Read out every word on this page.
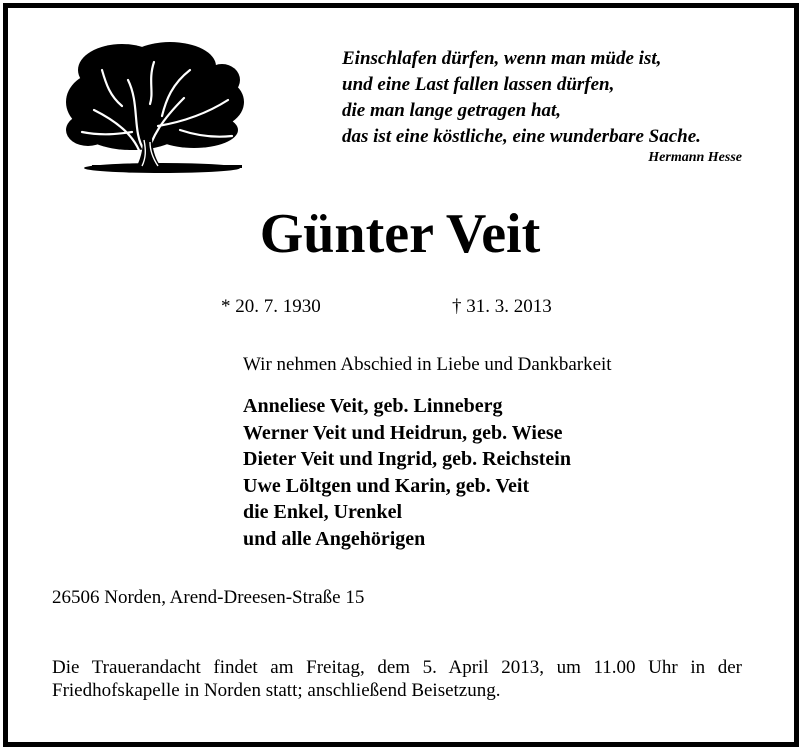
Einschlafen dürfen, wenn man müde ist,
und eine Last fallen lassen dürfen,
die man lange getragen hat,
das ist eine köstliche, eine wunderbare Sache.
Hermann Hesse
Günter Veit
* 20. 7. 1930	† 31. 3. 2013
Wir nehmen Abschied in Liebe und Dankbarkeit
Anneliese Veit, geb. Linneberg
Werner Veit und Heidrun, geb. Wiese
Dieter Veit und Ingrid, geb. Reichstein
Uwe Löltgen und Karin, geb. Veit
die Enkel, Urenkel
und alle Angehörigen
26506 Norden, Arend-Dreesen-Straße 15
Die Trauerandacht findet am Freitag, dem 5. April 2013, um 11.00 Uhr in der
Friedhofskapelle in Norden statt; anschließend Beisetzung.
